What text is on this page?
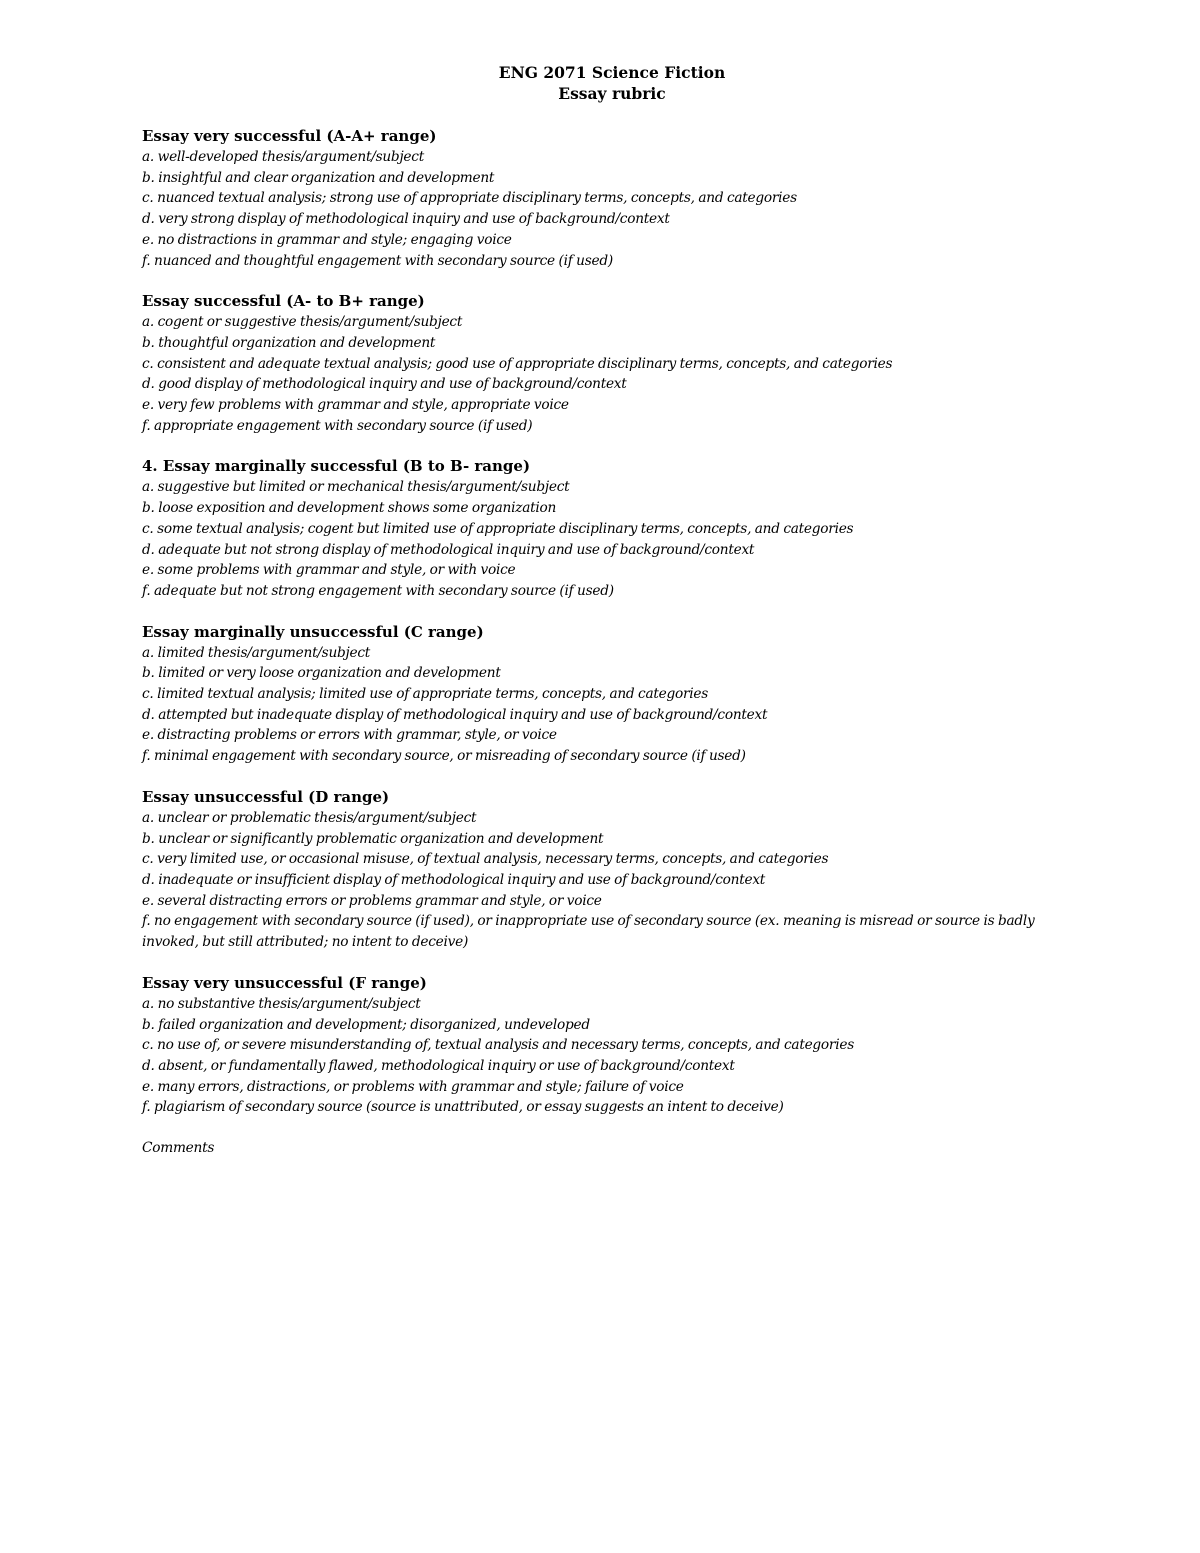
ENG 2071 Science Fiction
Essay rubric
Essay very successful (A-A+ range)
a. well-developed thesis/argument/subject
b. insightful and clear organization and development
c. nuanced textual analysis; strong use of appropriate disciplinary terms, concepts, and categories
d. very strong display of methodological inquiry and use of background/context
e. no distractions in grammar and style; engaging voice
f. nuanced and thoughtful engagement with secondary source (if used)
Essay successful (A- to B+ range)
a. cogent or suggestive thesis/argument/subject
b. thoughtful organization and development
c. consistent and adequate textual analysis; good use of appropriate disciplinary terms, concepts, and categories
d. good display of methodological inquiry and use of background/context
e. very few problems with grammar and style, appropriate voice
f. appropriate engagement with secondary source (if used)
4. Essay marginally successful (B to B- range)
a. suggestive but limited or mechanical thesis/argument/subject
b. loose exposition and development shows some organization
c. some textual analysis; cogent but limited use of appropriate disciplinary terms, concepts, and categories
d. adequate but not strong display of methodological inquiry and use of background/context
e. some problems with grammar and style, or with voice
f. adequate but not strong engagement with secondary source (if used)
Essay marginally unsuccessful (C range)
a. limited thesis/argument/subject
b. limited or very loose organization and development
c. limited textual analysis; limited use of appropriate terms, concepts, and categories
d. attempted but inadequate display of methodological inquiry and use of background/context
e. distracting problems or errors with grammar, style, or voice
f. minimal engagement with secondary source, or misreading of secondary source (if used)
Essay unsuccessful (D range)
a. unclear or problematic thesis/argument/subject
b. unclear or significantly problematic organization and development
c. very limited use, or occasional misuse, of textual analysis, necessary terms, concepts, and categories
d. inadequate or insufficient display of methodological inquiry and use of background/context
e. several distracting errors or problems grammar and style, or voice
f. no engagement with secondary source (if used), or inappropriate use of secondary source (ex. meaning is misread or source is badly invoked, but still attributed; no intent to deceive)
Essay very unsuccessful (F range)
a. no substantive thesis/argument/subject
b. failed organization and development; disorganized, undeveloped
c. no use of, or severe misunderstanding of, textual analysis and necessary terms, concepts, and categories
d. absent, or fundamentally flawed, methodological inquiry or use of background/context
e. many errors, distractions, or problems with grammar and style; failure of voice
f. plagiarism of secondary source (source is unattributed, or essay suggests an intent to deceive)
Comments
